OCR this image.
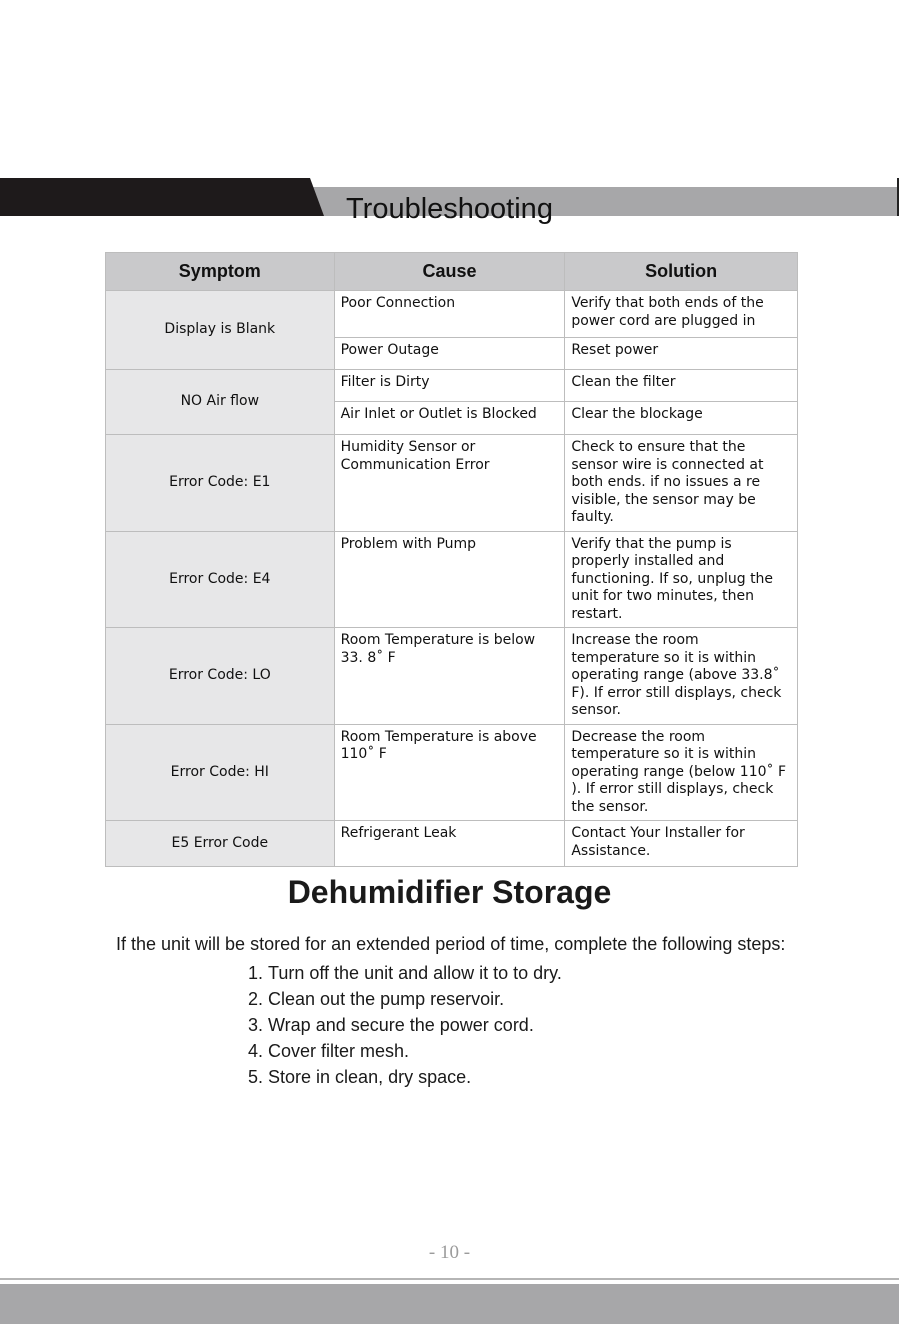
DEHUMIDIFIER
Troubleshooting
Symptom	Cause	Solution
Display is Blank	Poor Connection	Verify that both ends of the power cord are plugged in
	Power Outage	Reset power
NO Air flow	Filter is Dirty	Clean the filter
	Air Inlet or Outlet is Blocked	Clear the blockage
Error Code: E1	Humidity Sensor or Communication Error	Check to ensure that the sensor wire is connected at both ends. if no issues a re visible, the sensor may be faulty.
Error Code: E4	Problem with Pump	Verify that the pump is properly installed and functioning. If so, unplug the unit for two minutes, then restart.
Error Code: LO	Room Temperature is below 33. 8˚ F	Increase the room temperature so it is within operating range (above 33.8˚ F). If error still displays, check sensor.
Error Code: HI	Room Temperature is above 110˚ F	Decrease the room temperature so it is within operating range (below 110˚ F ). If error still displays, check the sensor.
E5 Error Code	Refrigerant Leak	Contact Your Installer for Assistance.
Dehumidifier Storage
If the unit will be stored for an extended period of time, complete the following steps:
1. Turn off the unit and allow it to to dry.
2. Clean out the pump reservoir.
3. Wrap and secure the power cord.
4. Cover filter mesh.
5. Store in clean, dry space.
- 10 -
